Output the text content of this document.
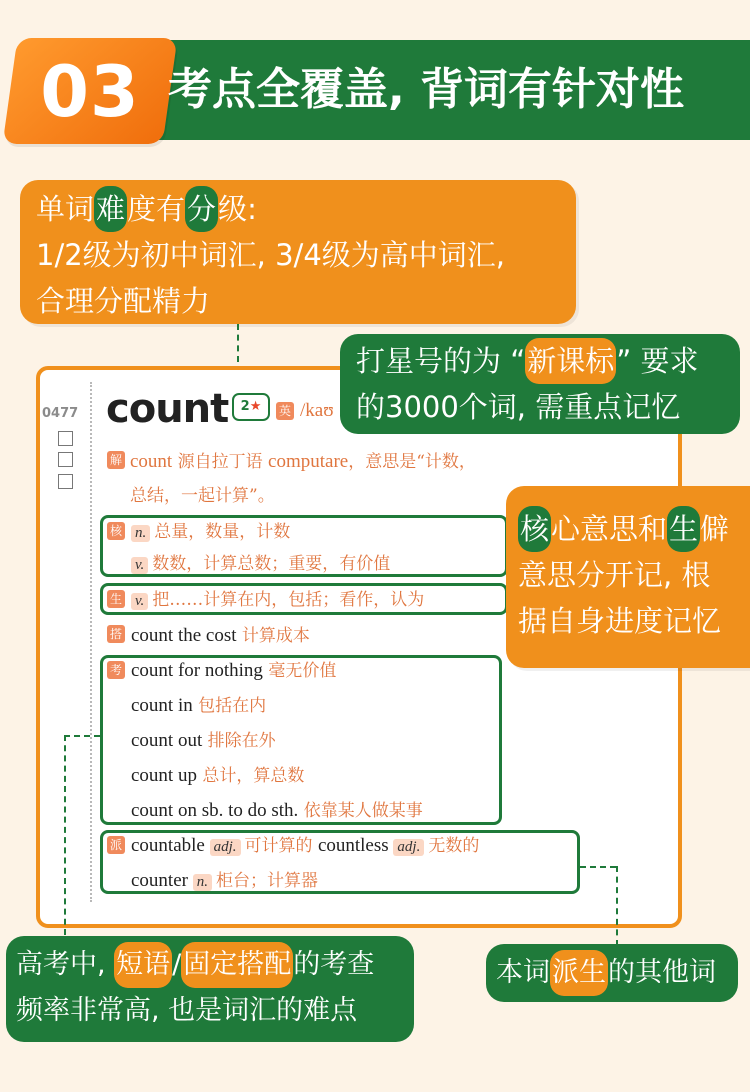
03 考点全覆盖, 背词有针对性
单词难度有分级:
1/2级为初中词汇, 3/4级为高中词汇,
合理分配精力
0477 count 2★	英 /kaʊ
打星号的为 “新课标” 要求
的3000个词, 需重点记忆
解 count 源自拉丁语 computare，意思是“计数，
总结，一起计算”。
核 n. 总量，数量，计数
v. 数数，计算总数；重要，有价值
生 v. 把……计算在内，包括；看作，认为
核心意思和生僻
意思分开记, 根
据自身进度记忆
搭 count the cost 计算成本
考 count for nothing 毫无价值
count in 包括在内
count out 排除在外
count up 总计，算总数
count on sb. to do sth. 依靠某人做某事
派 countable adj. 可计算的 countless adj. 无数的
counter n. 柜台；计算器
高考中, 短语/固定搭配的考查
频率非常高, 也是词汇的难点
本词派生的其他词
